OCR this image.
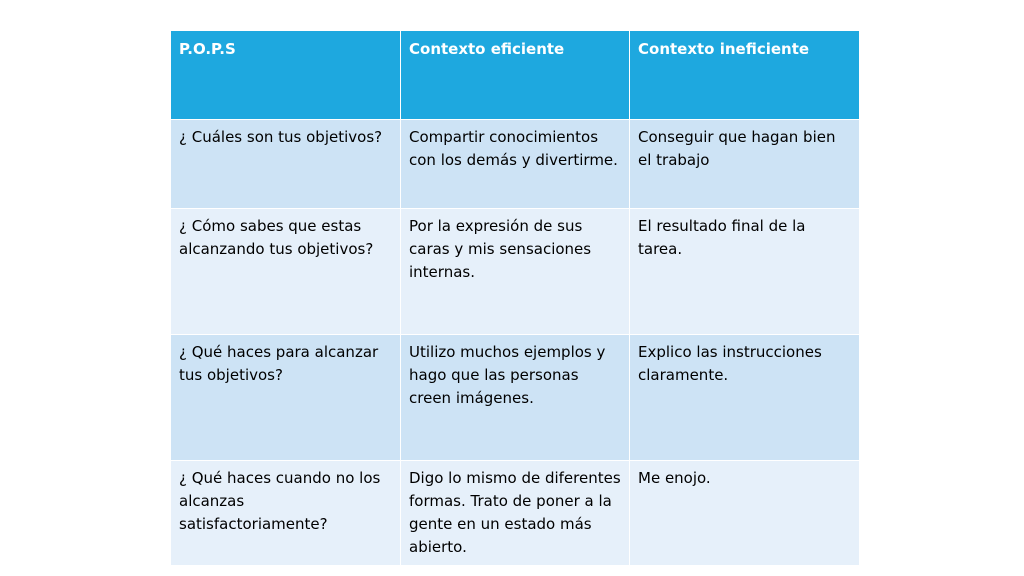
P.O.P.S	Contexto eficiente	Contexto ineficiente
¿ Cuáles son tus objetivos?	Compartir conocimientos con los demás y divertirme.	Conseguir que hagan bien el trabajo
¿ Cómo sabes que estas alcanzando tus objetivos?	Por la expresión de sus caras y mis sensaciones internas.	El resultado final de la tarea.
¿ Qué haces para alcanzar tus objetivos?	Utilizo muchos ejemplos y hago que las personas creen imágenes.	Explico las instrucciones claramente.
¿ Qué haces cuando no los alcanzas satisfactoriamente?	Digo lo mismo de diferentes formas. Trato de poner a la gente en un estado más abierto.	Me enojo.
